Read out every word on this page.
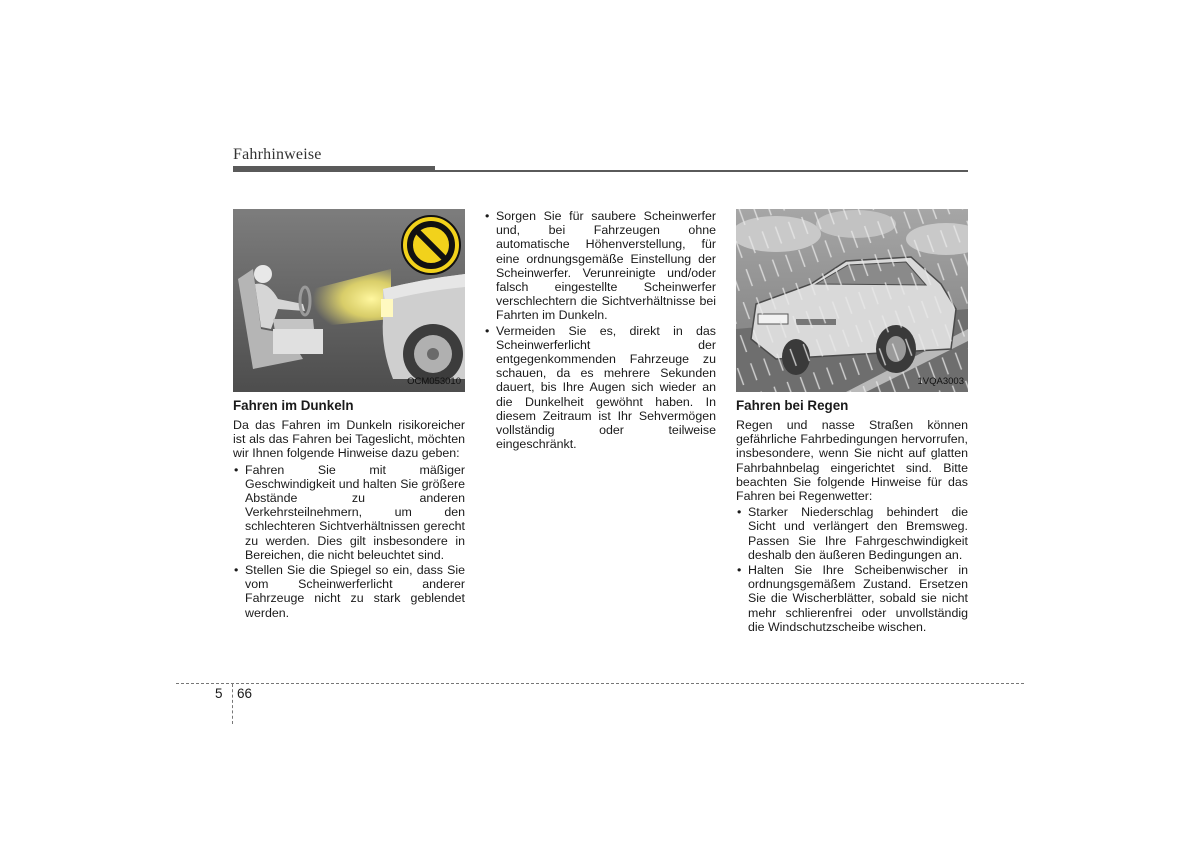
Fahrhinweise
OCM053010
Fahren im Dunkeln

Da das Fahren im Dunkeln risikoreicher ist als das Fahren bei Tageslicht, möchten wir Ihnen folgende Hinweise dazu geben:

• Fahren Sie mit mäßiger Geschwindigkeit und halten Sie größere Abstände zu anderen Verkehrsteilnehmern, um den schlechteren Sichtverhältnissen gerecht zu werden. Dies gilt insbesondere in Bereichen, die nicht beleuchtet sind.
• Stellen Sie die Spiegel so ein, dass Sie vom Scheinwerferlicht anderer Fahrzeuge nicht zu stark geblendet werden.
• Sorgen Sie für saubere Scheinwerfer und, bei Fahrzeugen ohne automatische Höhenverstellung, für eine ordnungsgemäße Einstellung der Scheinwerfer. Verunreinigte und/oder falsch eingestellte Scheinwerfer verschlechtern die Sichtverhältnisse bei Fahrten im Dunkeln.
• Vermeiden Sie es, direkt in das Scheinwerferlicht der entgegenkommenden Fahrzeuge zu schauen, da es mehrere Sekunden dauert, bis Ihre Augen sich wieder an die Dunkelheit gewöhnt haben. In diesem Zeitraum ist Ihr Sehvermögen vollständig oder teilweise eingeschränkt.
1VQA3003
Fahren bei Regen

Regen und nasse Straßen können gefährliche Fahrbedingungen hervorrufen, insbesondere, wenn Sie nicht auf glatten Fahrbahnbelag eingerichtet sind. Bitte beachten Sie folgende Hinweise für das Fahren bei Regenwetter:

• Starker Niederschlag behindert die Sicht und verlängert den Bremsweg. Passen Sie Ihre Fahrgeschwindigkeit deshalb den äußeren Bedingungen an.
• Halten Sie Ihre Scheibenwischer in ordnungsgemäßem Zustand. Ersetzen Sie die Wischerblätter, sobald sie nicht mehr schlierenfrei oder unvollständig die Windschutzscheibe wischen.
5 66
